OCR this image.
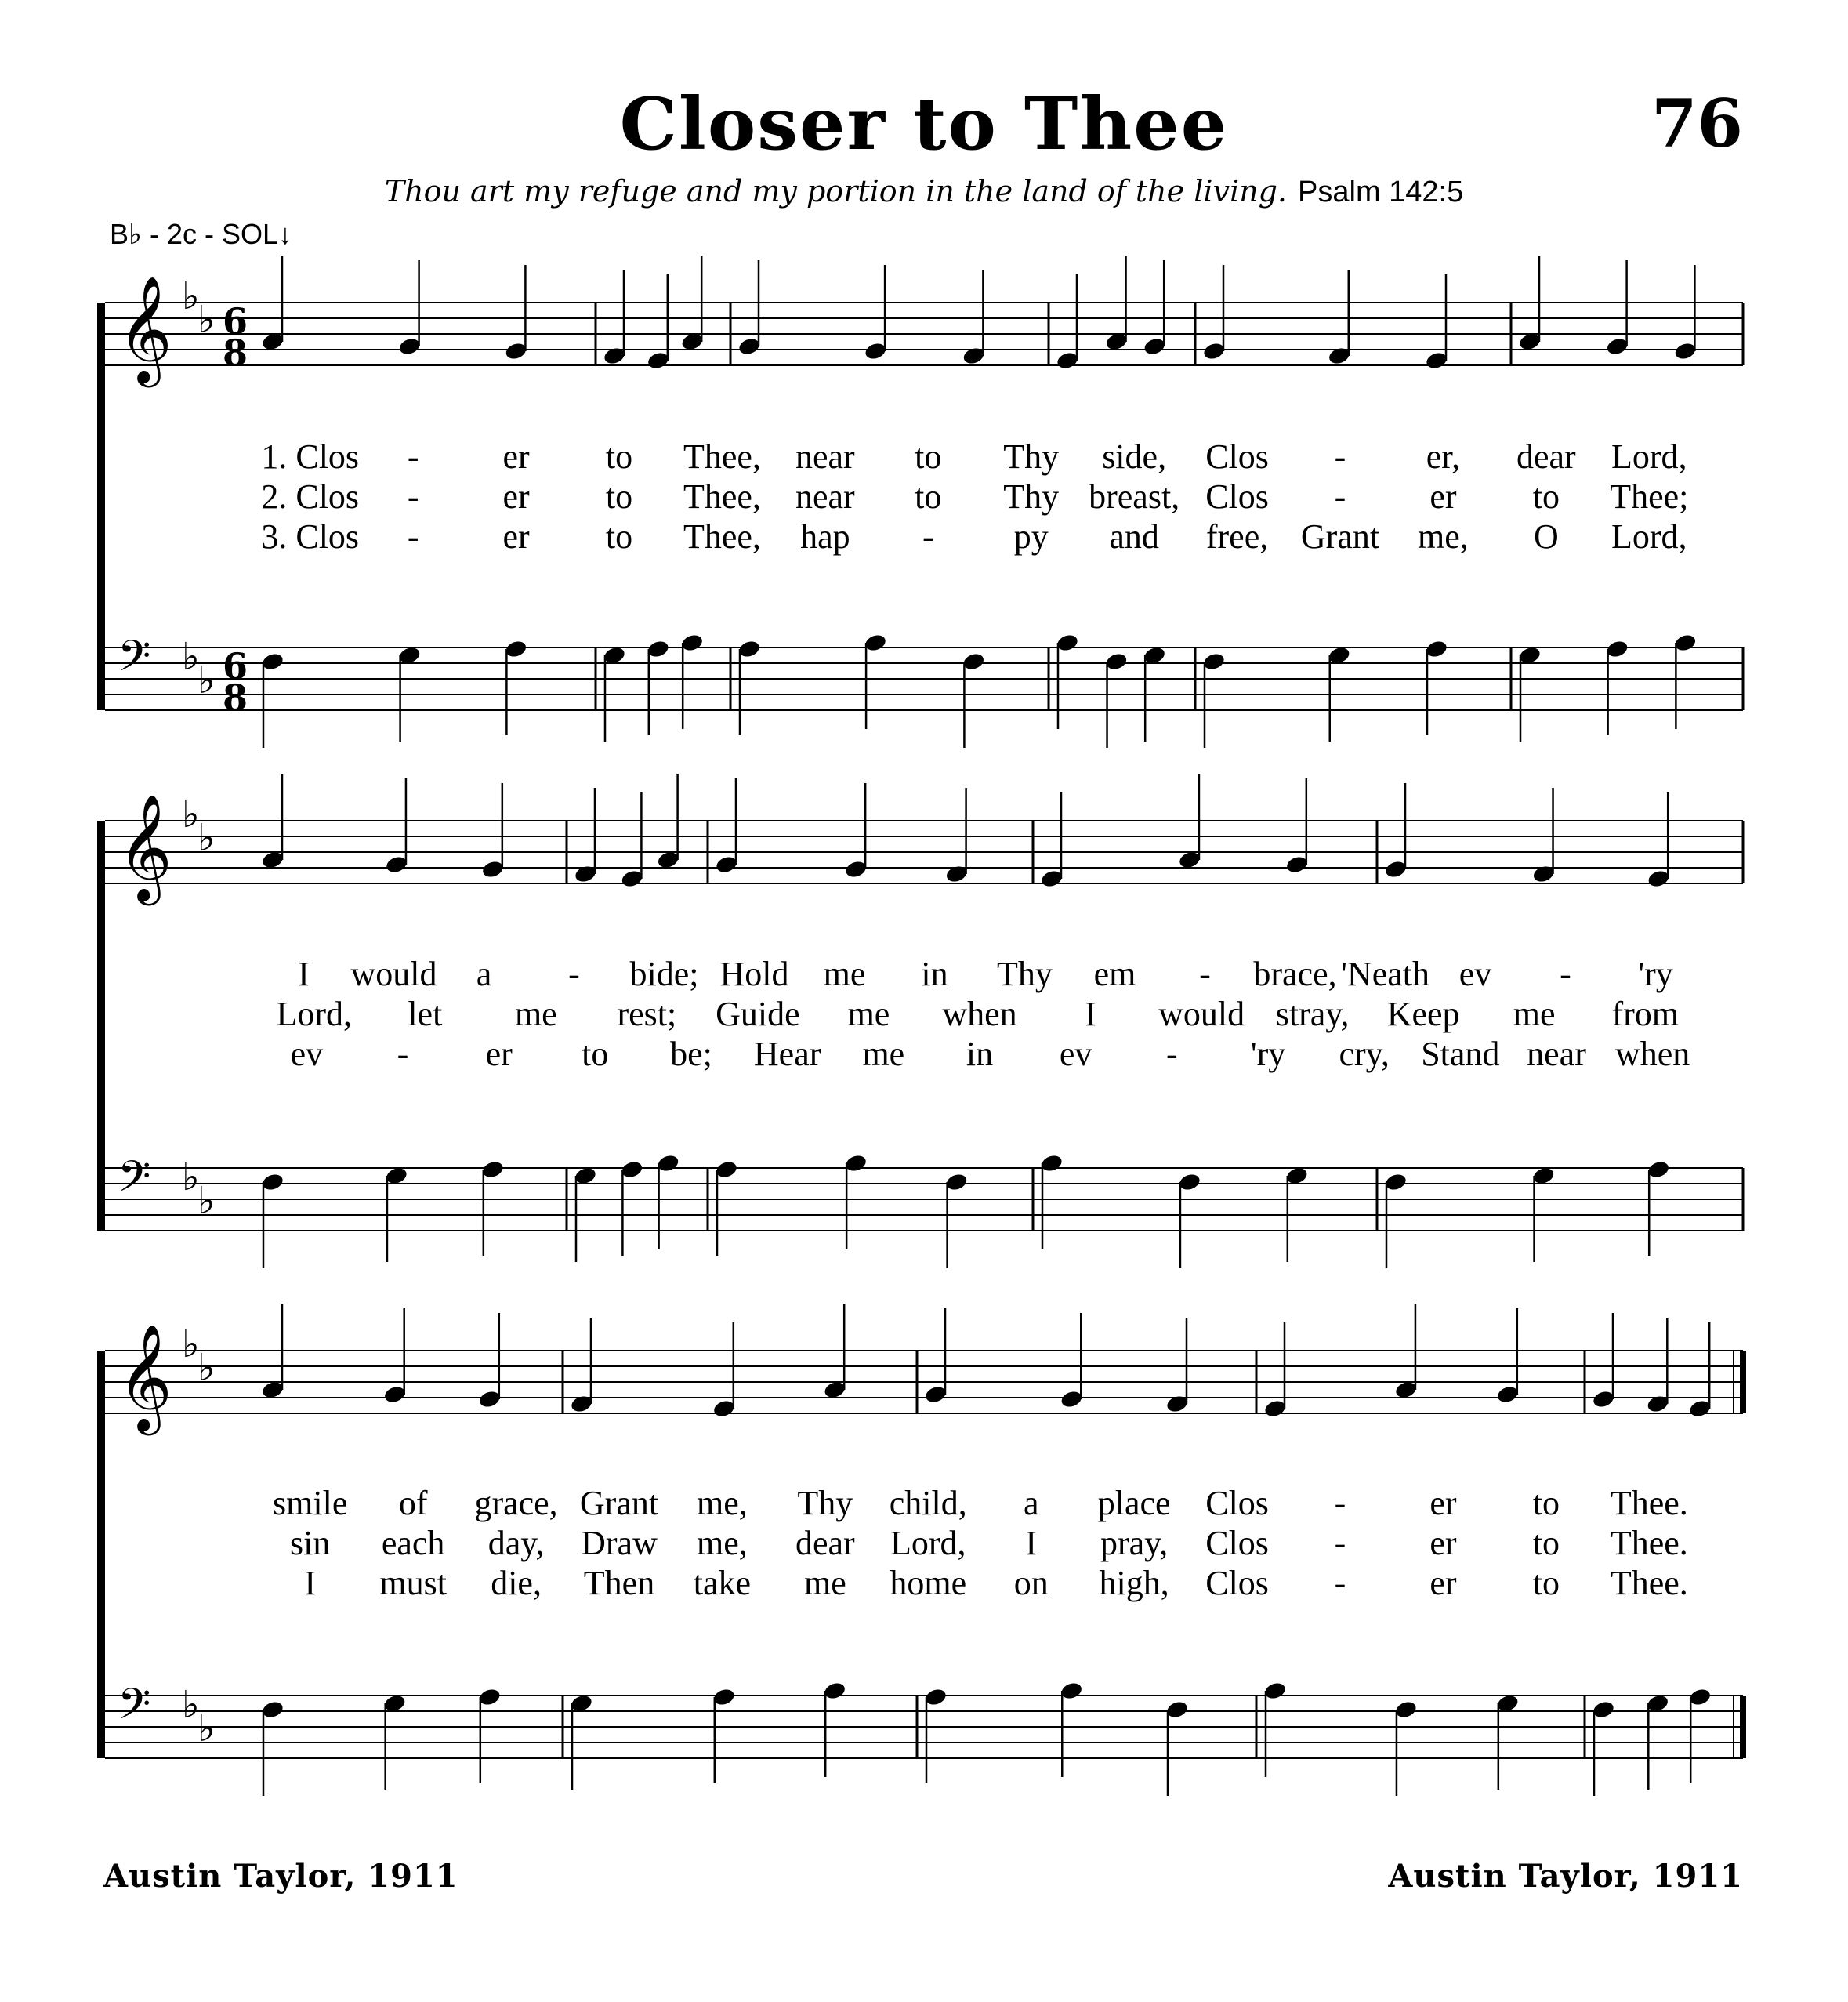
Closer to Thee	76
Thou art my refuge and my portion in the land of the living. Psalm 142:5
B♭ - 2c - SOL↓
𝄞 ♭
♭ 6
8
𝄢 ♭
♭ 6
8
1. Clos - er to Thee, near to Thy side, Clos - er, dear Lord,
2. Clos - er to Thee, near to Thy breast, Clos - er to Thee;
3. Clos - er to Thee, hap - py and free, Grant me, O Lord,
𝄞 ♭
♭
𝄢 ♭
♭
I would a - bide; Hold me in Thy em - brace, 'Neath ev - 'ry
Lord, let me rest; Guide me when I would stray, Keep me from
ev - er to be; Hear me in ev - 'ry cry, Stand near when
𝄞 ♭
♭
𝄢 ♭
♭
smile of grace, Grant me, Thy child, a place Clos - er to Thee.
sin each day, Draw me, dear Lord, I pray, Clos - er to Thee.
I must die, Then take me home on high, Clos - er to Thee.
Austin Taylor, 1911	Austin Taylor, 1911
